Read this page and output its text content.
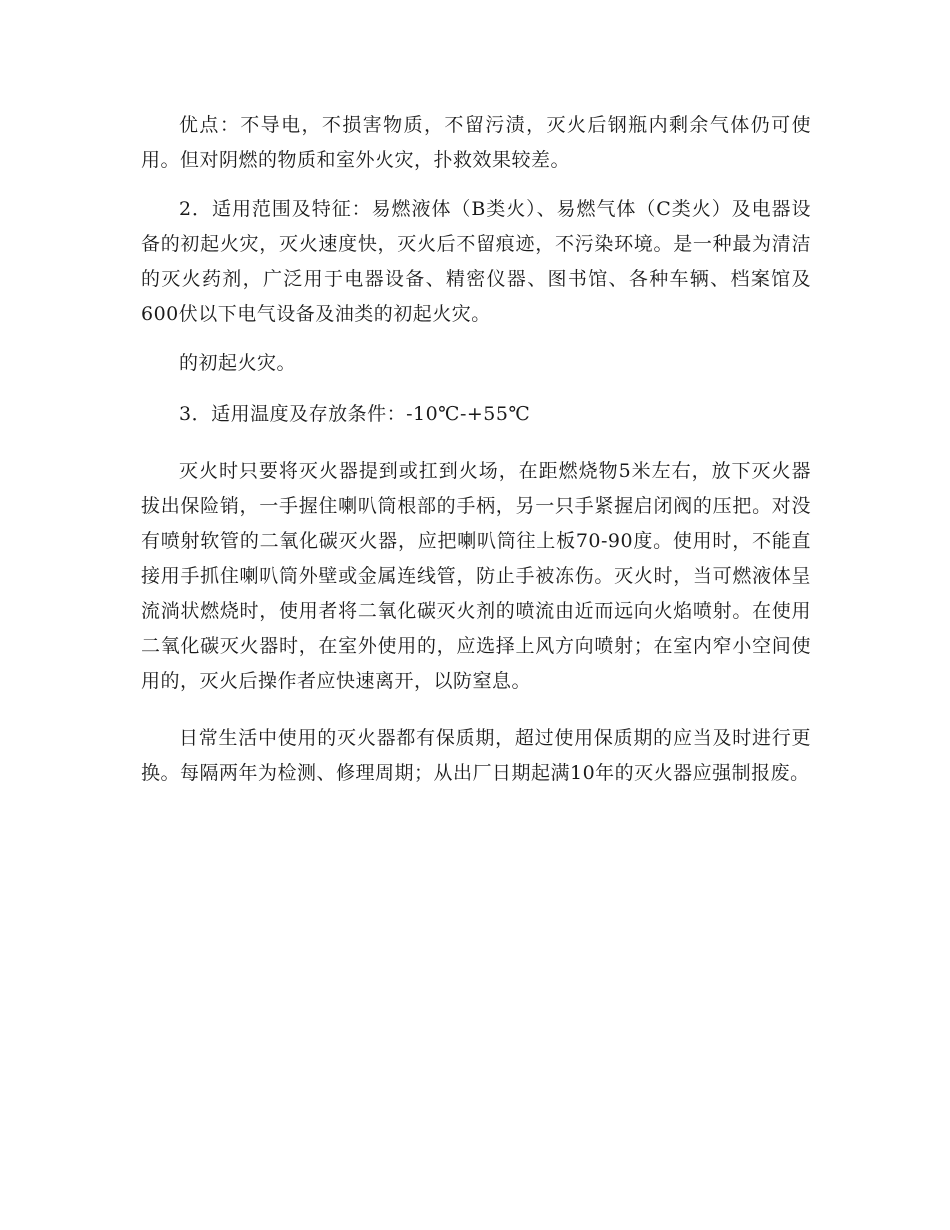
优点：不导电，不损害物质，不留污渍，灭火后钢瓶内剩余气体仍可使用。但对阴燃的物质和室外火灾，扑救效果较差。

2．适用范围及特征：易燃液体（B类火）、易燃气体（C类火）及电器设备的初起火灾，灭火速度快，灭火后不留痕迹，不污染环境。是一种最为清洁的灭火药剂，广泛用于电器设备、精密仪器、图书馆、各种车辆、档案馆及600伏以下电气设备及油类的初起火灾。

的初起火灾。

3．适用温度及存放条件：-10℃-+55℃

灭火时只要将灭火器提到或扛到火场，在距燃烧物5米左右，放下灭火器拔出保险销，一手握住喇叭筒根部的手柄，另一只手紧握启闭阀的压把。对没有喷射软管的二氧化碳灭火器，应把喇叭筒往上板70-90度。使用时，不能直接用手抓住喇叭筒外壁或金属连线管，防止手被冻伤。灭火时，当可燃液体呈流淌状燃烧时，使用者将二氧化碳灭火剂的喷流由近而远向火焰喷射。在使用二氧化碳灭火器时，在室外使用的，应选择上风方向喷射；在室内窄小空间使用的，灭火后操作者应快速离开，以防窒息。

日常生活中使用的灭火器都有保质期，超过使用保质期的应当及时进行更换。每隔两年为检测、修理周期；从出厂日期起满10年的灭火器应强制报废。
